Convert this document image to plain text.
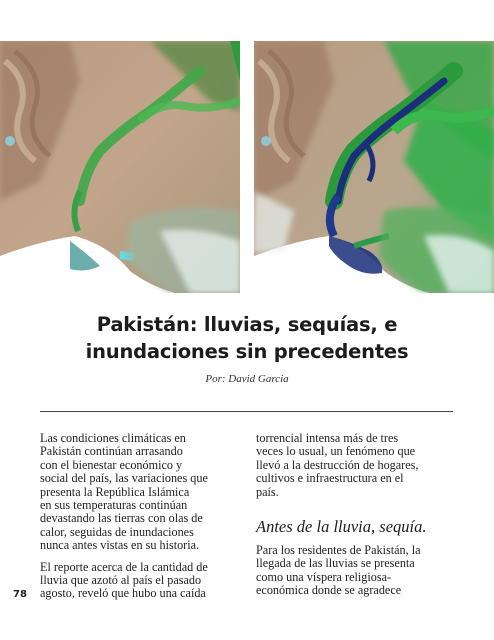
Pakistán: lluvias, sequías, e
inundaciones sin precedentes
Por: David Garcia

Las condiciones climáticas en
Pakistán continúan arrasando
con el bienestar económico y
social del país, las variaciones que
presenta la República Islámica
en sus temperaturas continúan
devastando las tierras con olas de
calor, seguidas de inundaciones
nunca antes vistas en su historia.

El reporte acerca de la cantidad de
lluvia que azotó al país el pasado
agosto, reveló que hubo una caída

torrencial intensa más de tres
veces lo usual, un fenómeno que
llevó a la destrucción de hogares,
cultivos e infraestructura en el
país.

Antes de la lluvia, sequía.

Para los residentes de Pakistán, la
llegada de las lluvias se presenta
como una víspera religiosa-
económica donde se agradece

78
